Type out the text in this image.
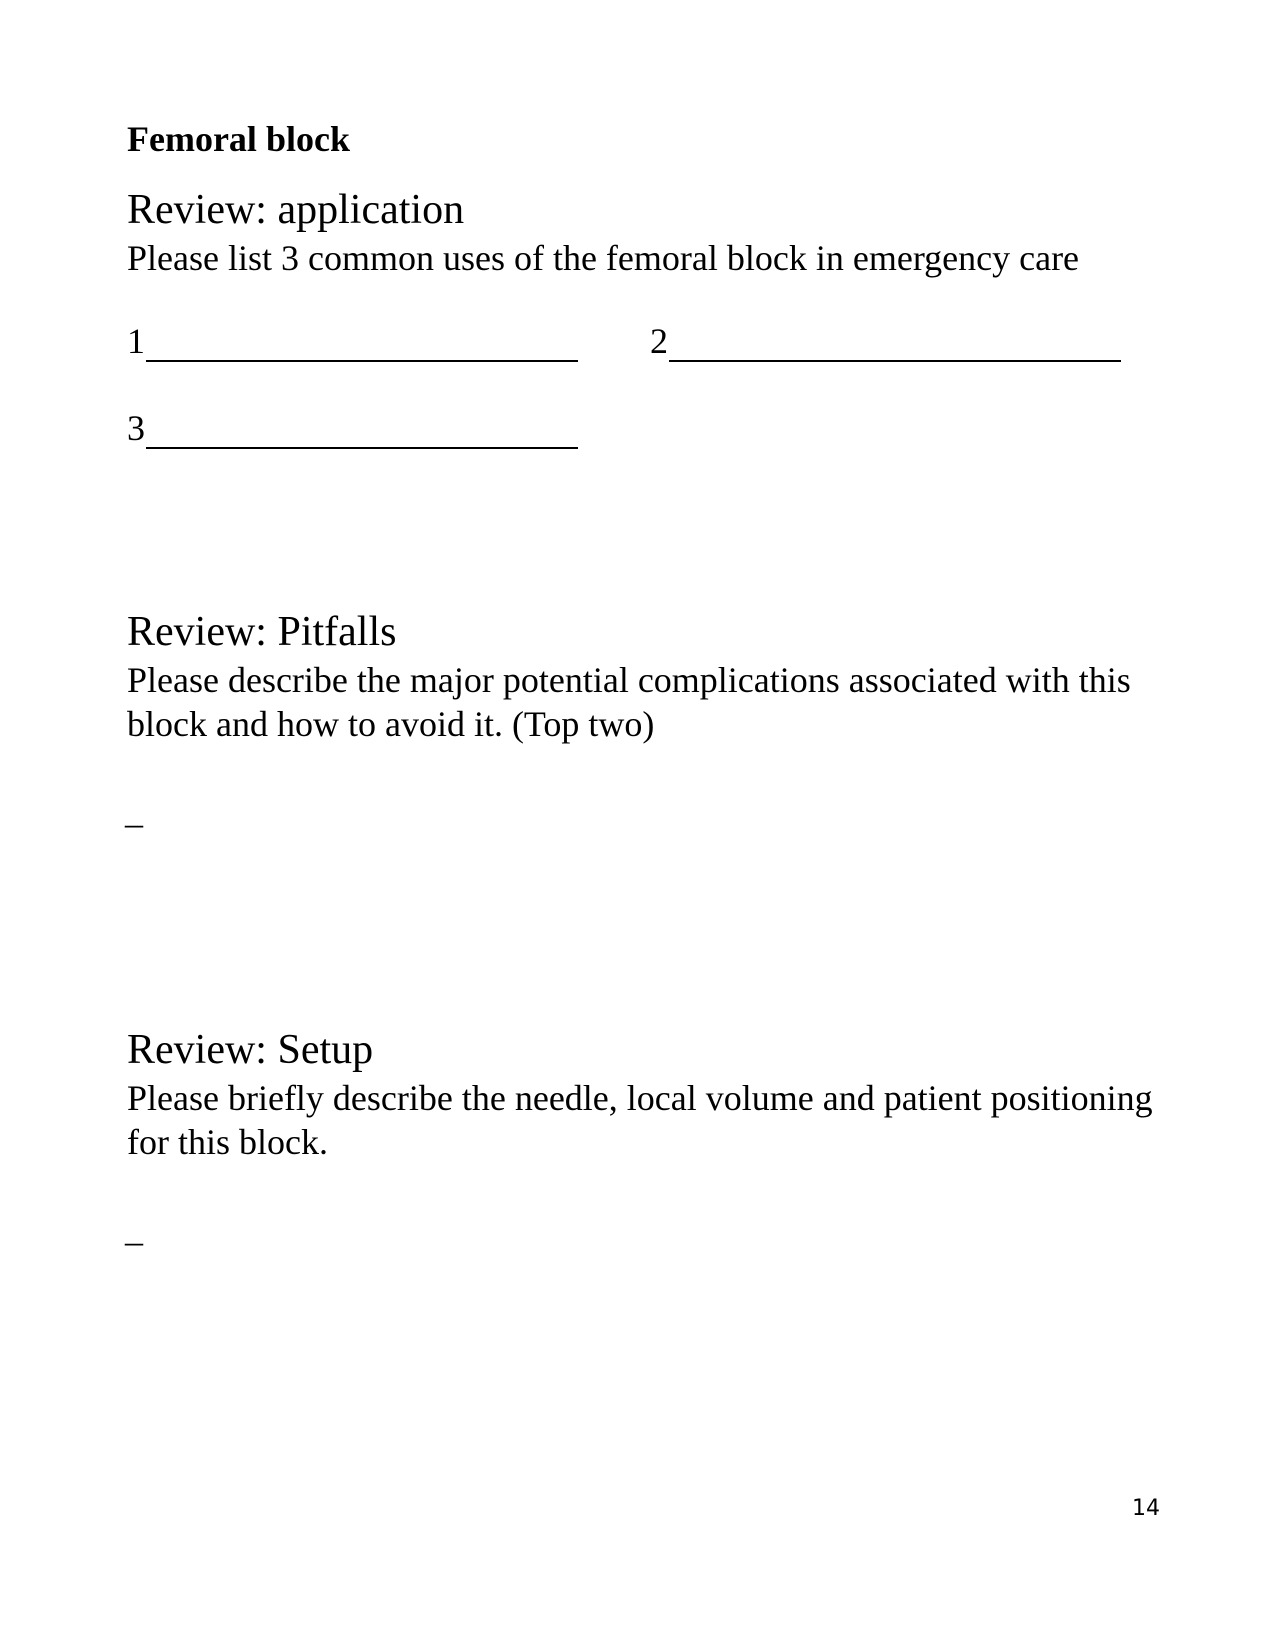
Femoral block
Review: application
Please list 3 common uses of the femoral block in emergency care
1	2
3
Review: Pitfalls
Please describe the major potential complications associated with this block and how to avoid it. (Top two)
_
Review: Setup
Please briefly describe the needle, local volume and patient positioning for this block.
_
14
